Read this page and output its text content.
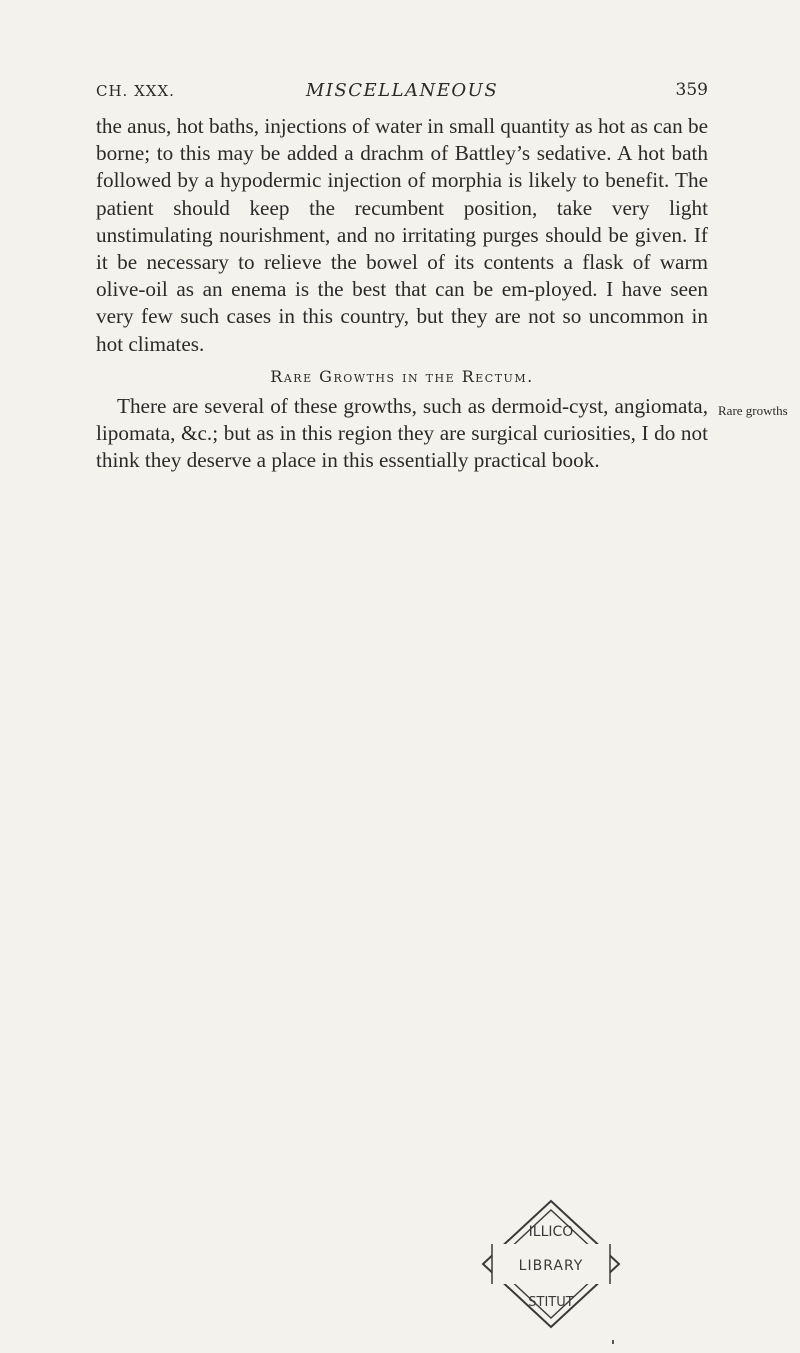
CH. XXX.	MISCELLANEOUS	359

the anus, hot baths, injections of water in small quantity as hot as can be borne; to this may be added a drachm of Battley’s sedative. A hot bath followed by a hypodermic injection of morphia is likely to benefit. The patient should keep the recumbent position, take very light unstimulating nourishment, and no irritating purges should be given. If it be necessary to relieve the bowel of its contents a flask of warm olive-oil as an enema is the best that can be em-ployed. I have seen very few such cases in this country, but they are not so uncommon in hot climates.

Rare Growths in the Rectum.

There are several of these growths, such as dermoid-cyst, angiomata, lipomata, &c.; but as in this region they are surgical curiosities, I do not think they deserve a place in this essentially practical book.

Rare growths
ILLICO
LIBRARY
STITUT
